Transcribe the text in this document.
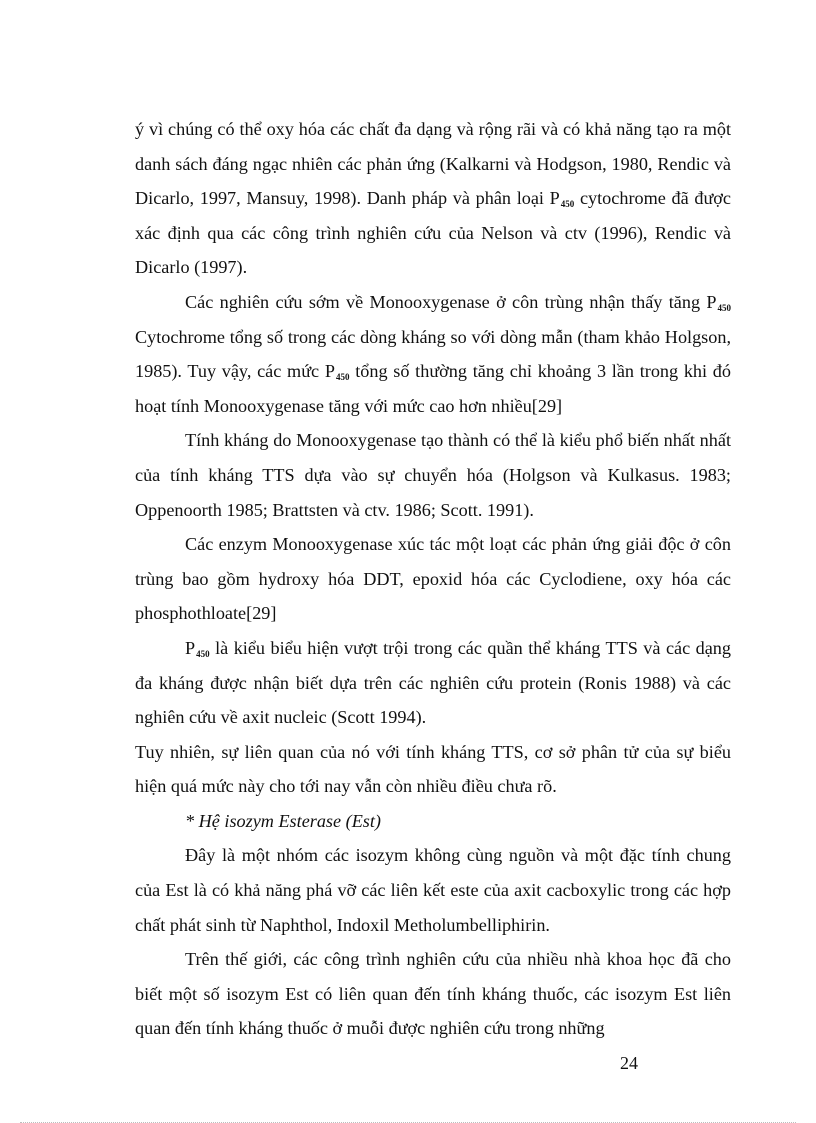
ý vì chúng có thể oxy hóa các chất đa dạng và rộng rãi và có khả năng tạo ra một danh sách đáng ngạc nhiên các phản ứng (Kalkarni và Hodgson, 1980, Rendic và Dicarlo, 1997, Mansuy, 1998). Danh pháp và phân loại $P_{450}$ cytochrome đã được xác định qua các công trình nghiên cứu của Nelson và ctv (1996), Rendic và Dicarlo (1997).

Các nghiên cứu sớm về Monooxygenase ở côn trùng nhận thấy tăng $P_{450}$ Cytochrome tổng số trong các dòng kháng so với dòng mẫn (tham khảo Holgson, 1985). Tuy vậy, các mức $P_{450}$ tổng số thường tăng chỉ khoảng 3 lần trong khi đó hoạt tính Monooxygenase tăng với mức cao hơn nhiều[29]

Tính kháng do Monooxygenase tạo thành có thể là kiểu phổ biến nhất nhất của tính kháng TTS dựa vào sự chuyển hóa (Holgson và Kulkasus. 1983; Oppenoorth 1985; Brattsten và ctv. 1986; Scott. 1991).

Các enzym Monooxygenase xúc tác một loạt các phản ứng giải độc ở côn trùng bao gồm hydroxy hóa DDT, epoxid hóa các Cyclodiene, oxy hóa các phosphothloate[29]

$P_{450}$ là kiểu biểu hiện vượt trội trong các quần thể kháng TTS và các dạng đa kháng được nhận biết dựa trên các nghiên cứu protein (Ronis 1988) và các nghiên cứu về axit nucleic (Scott 1994).

Tuy nhiên, sự liên quan của nó với tính kháng TTS, cơ sở phân tử của sự biểu hiện quá mức này cho tới nay vẫn còn nhiều điều chưa rõ.

* Hệ isozym Esterase (Est)

Đây là một nhóm các isozym không cùng nguồn và một đặc tính chung của Est là có khả năng phá vỡ các liên kết este của axit cacboxylic trong các hợp chất phát sinh từ Naphthol, Indoxil Metholumbelliphirin.

Trên thế giới, các công trình nghiên cứu của nhiều nhà khoa học đã cho biết một số isozym Est có liên quan đến tính kháng thuốc, các isozym Est liên quan đến tính kháng thuốc ở muỗi được nghiên cứu trong những

24
